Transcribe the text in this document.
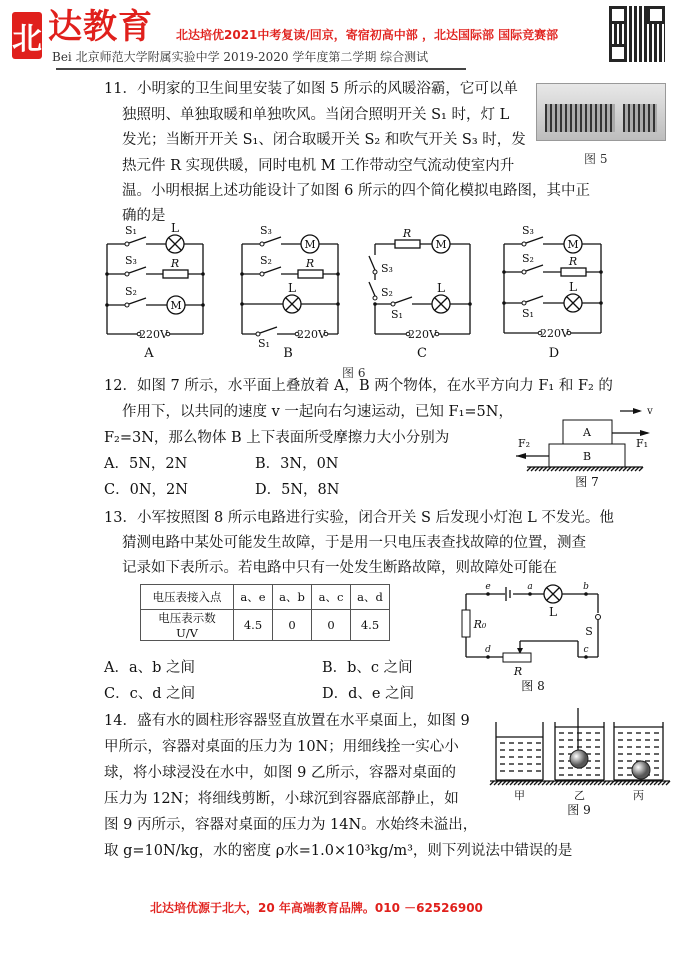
北 达教育 北达培优2021中考复读/回京，寄宿初高中部 ，北达国际部 国际竞赛部
Bei 北京师范大学附属实验中学 2019-2020 学年度第二学期 综合测试
11．小明家的卫生间里安装了如图 5 所示的风暖浴霸，它可以单
独照明、单独取暖和单独吹风。当闭合照明开关 S₁ 时，灯 L
发光；当断开开关 S₁、闭合取暖开关 S₂ 和吹气开关 S₃ 时，发
热元件 R 实现供暖，同时电机 M 工作带动空气流动使室内升
温。小明根据上述功能设计了如图 6 所示的四个简化模拟电路图，其中正
确的是
图 5
S₁	L
S₃	R
S₂
M
220V
A
S₃
M
S₂	R
L
S₁
220V
B
S₃
S₂
R
M
S₁
L
220V
C
S₃
M
S₂	R
S₁
L
220V
D
图 6
12．如图 7 所示，水平面上叠放着 A，B 两个物体，在水平方向力 F₁ 和 F₂ 的
作用下，以共同的速度 v 一起向右匀速运动，已知 F₁=5N，
F₂=3N，那么物体 B 上下表面所受摩擦力大小分别为
A．5N，2N	B．3N，0N
C．0N，2N	D．5N，8N
A
B
F₁
F₂
v
图 7
13．小军按照图 8 所示电路进行实验，闭合开关 S 后发现小灯泡 L 不发光。他
猜测电路中某处可能发生故障，于是用一只电压表查找故障的位置，测查
记录如下表所示。若电路中只有一处发生断路故障，则故障处可能在
电压表接入点	a、e	a、b	a、c	a、d
电压表示数 U/V	4.5	0	0	4.5
A．a、b 之间	B．b、c 之间
C．c、d 之间	D．d、e 之间
R
R₀
L
S
e	a	b
d	c
图 8
14．盛有水的圆柱形容器竖直放置在水平桌面上，如图 9
甲所示，容器对桌面的压力为 10N；用细线拴一实心小
球，将小球浸没在水中，如图 9 乙所示，容器对桌面的
压力为 12N；将细线剪断，小球沉到容器底部静止，如
图 9 丙所示，容器对桌面的压力为 14N。水始终未溢出，
取 g=10N/kg，水的密度 ρ水=1.0×10³kg/m³，则下列说法中错误的是
甲	乙	丙
图 9
北达培优源于北大，20 年高端教育品牌。010 －62526900
